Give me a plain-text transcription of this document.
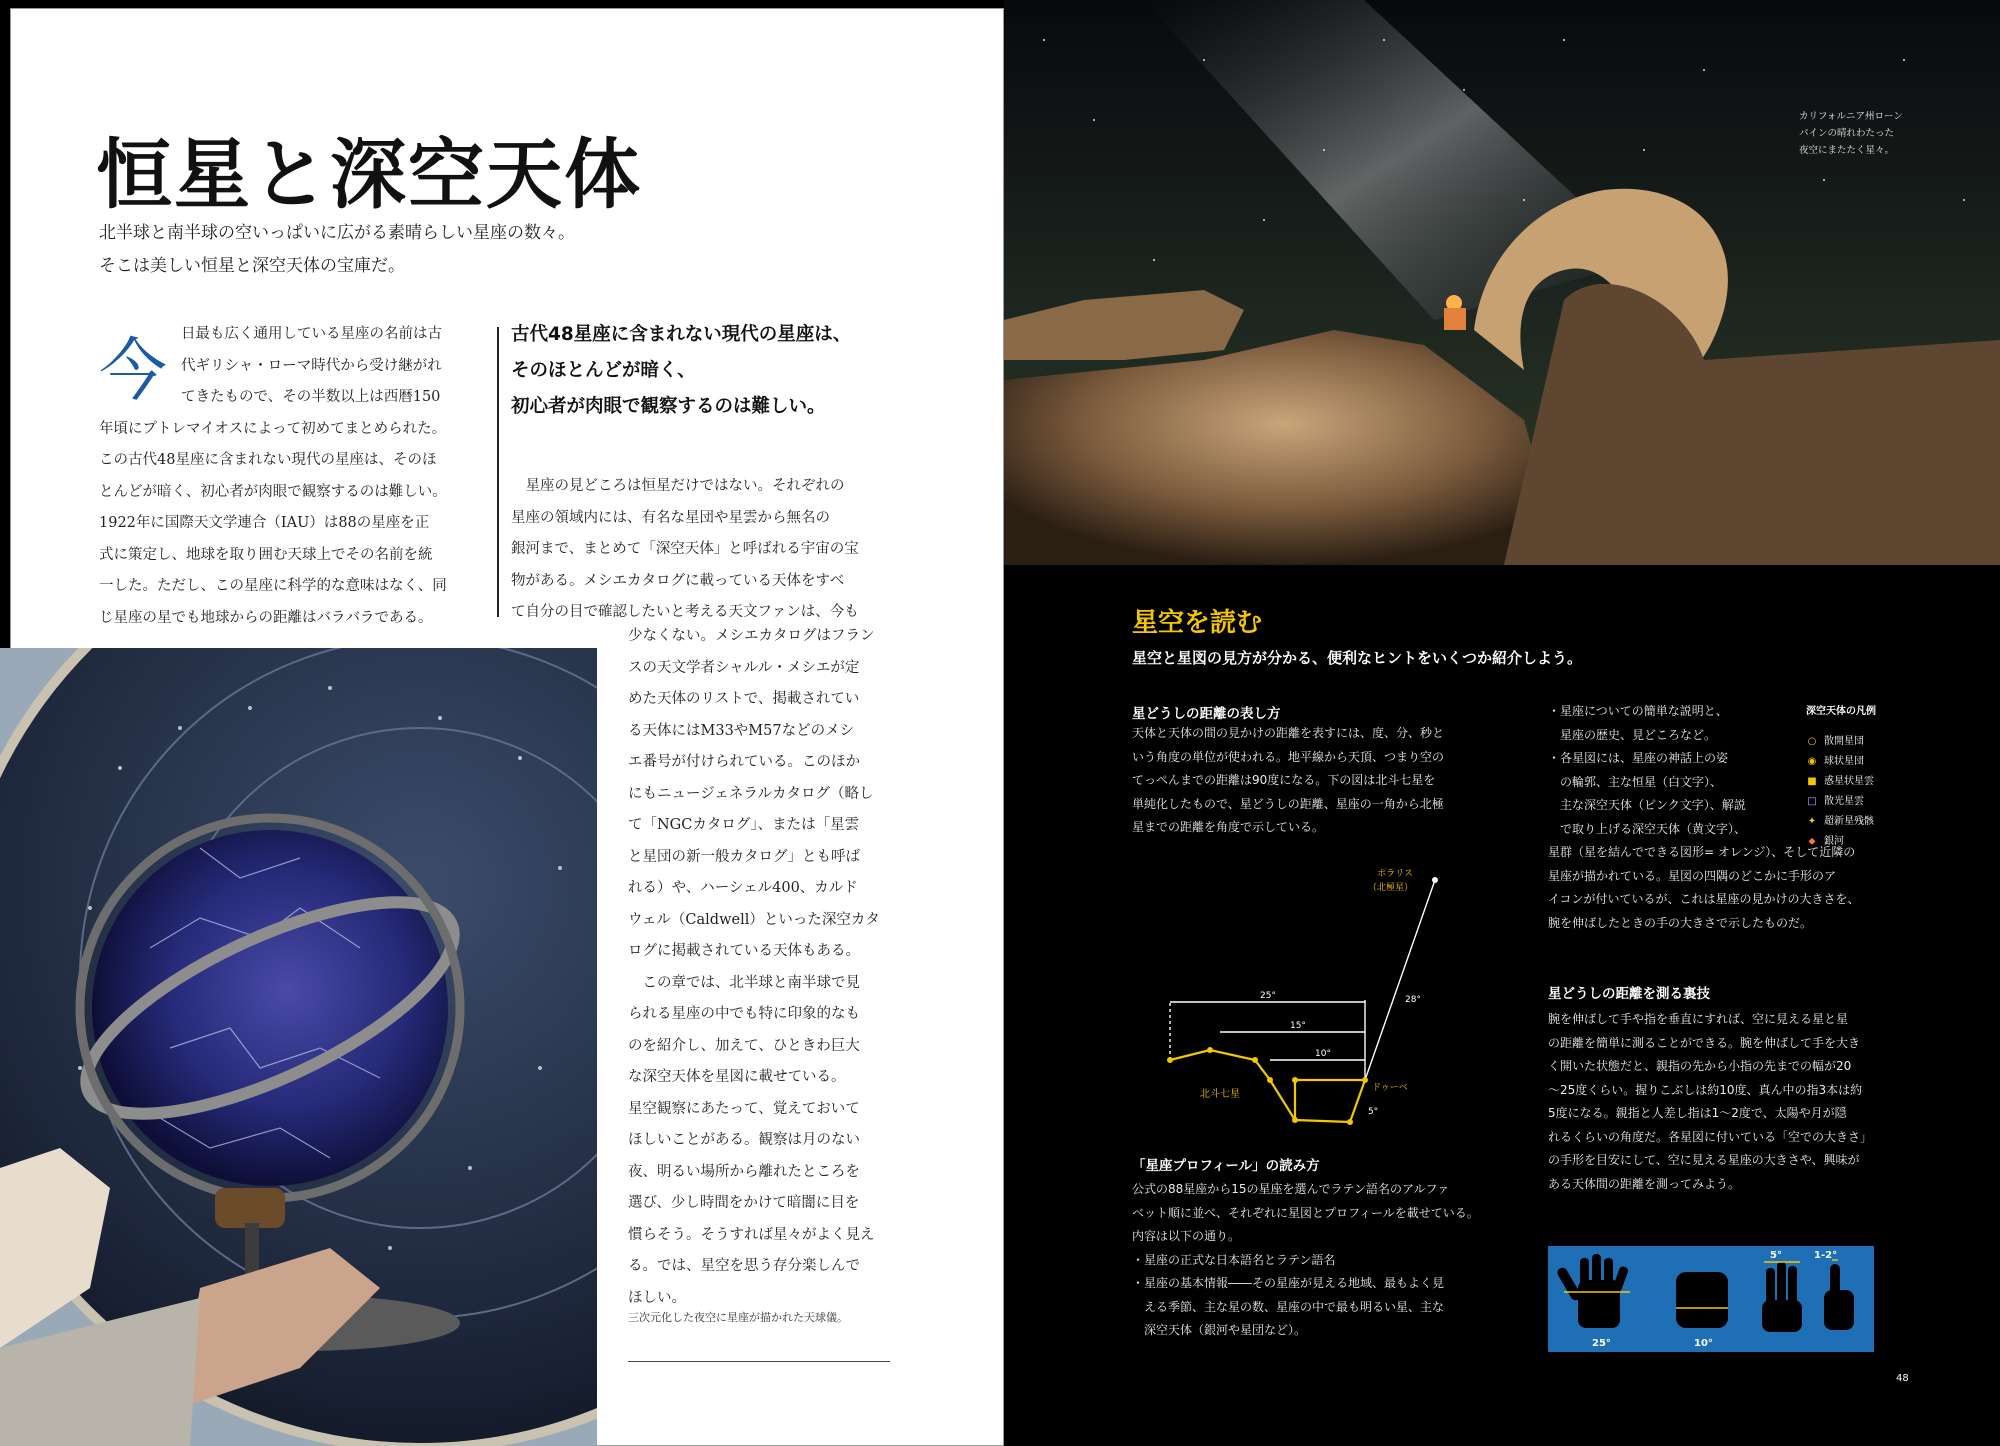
恒星と深空天体
北半球と南半球の空いっぱいに広がる素晴らしい星座の数々。
そこは美しい恒星と深空天体の宝庫だ。
今 日最も広く通用している星座の名前は古
代ギリシャ・ローマ時代から受け継がれ
てきたもので、その半数以上は西暦150
年頃にプトレマイオスによって初めてまとめられた。
この古代48星座に含まれない現代の星座は、そのほ
とんどが暗く、初心者が肉眼で観察するのは難しい。
1922年に国際天文学連合（IAU）は88の星座を正
式に策定し、地球を取り囲む天球上でその名前を統
一した。ただし、この星座に科学的な意味はなく、同
じ星座の星でも地球からの距離はバラバラである。

古代48星座に含まれない現代の星座は、
そのほとんどが暗く、
初心者が肉眼で観察するのは難しい。

　星座の見どころは恒星だけではない。それぞれの
星座の領域内には、有名な星団や星雲から無名の
銀河まで、まとめて「深空天体」と呼ばれる宇宙の宝
物がある。メシエカタログに載っている天体をすべ
て自分の目で確認したいと考える天文ファンは、今も

少なくない。メシエカタログはフラン
スの天文学者シャルル・メシエが定
めた天体のリストで、掲載されてい
る天体にはM33やM57などのメシ
エ番号が付けられている。このほか
にもニュージェネラルカタログ（略し
て「NGCカタログ」、または「星雲
と星団の新一般カタログ」とも呼ば
れる）や、ハーシェル400、カルド
ウェル（Caldwell）といった深空カタ
ログに掲載されている天体もある。
　この章では、北半球と南半球で見
られる星座の中でも特に印象的なも
のを紹介し、加えて、ひときわ巨大
な深空天体を星図に載せている。
星空観察にあたって、覚えておいて
ほしいことがある。観察は月のない
夜、明るい場所から離れたところを
選び、少し時間をかけて暗闇に目を
慣らそう。そうすれば星々がよく見え
る。では、星空を思う存分楽しんで
ほしい。

三次元化した夜空に星座が描かれた天球儀。
カリフォルニア州ローン
パインの晴れわたった
夜空にまたたく星々。
星空を読む
星空と星図の見方が分かる、便利なヒントをいくつか紹介しよう。
星どうしの距離の表し方
天体と天体の間の見かけの距離を表すには、度、分、秒と
いう角度の単位が使われる。地平線から天頂、つまり空の
てっぺんまでの距離は90度になる。下の図は北斗七星を
単純化したもので、星どうしの距離、星座の一角から北極
星までの距離を角度で示している。
ポラリス
（北極星）
北斗七星
ドゥーベ
25°	28°
15°
10°
5°
「星座プロフィール」の読み方
公式の88星座から15の星座を選んでラテン語名のアルファ
ベット順に並べ、それぞれに星図とプロフィールを載せている。
内容は以下の通り。
・星座の正式な日本語名とラテン語名
・星座の基本情報――その星座が見える地域、最もよく見
　える季節、主な星の数、星座の中で最も明るい星、主な
　深空天体（銀河や星団など）。
・星座についての簡単な説明と、
　星座の歴史、見どころなど。
・各星図には、星座の神話上の姿
　の輪郭、主な恒星（白文字）、
　主な深空天体（ピンク文字）、解説
　で取り上げる深空天体（黄文字）、
星群（星を結んでできる図形= オレンジ）、そして近隣の
星座が描かれている。星図の四隅のどこかに手形のア
イコンが付いているが、これは星座の見かけの大きさを、
腕を伸ばしたときの手の大きさで示したものだ。
深空天体の凡例
○ 散開星団
◉ 球状星団
■ 惑星状星雲
□ 散光星雲
✦ 超新星残骸
⬥ 銀河
星どうしの距離を測る裏技
腕を伸ばして手や指を垂直にすれば、空に見える星と星
の距離を簡単に測ることができる。腕を伸ばして手を大き
く開いた状態だと、親指の先から小指の先までの幅が20
～25度くらい。握りこぶしは約10度、真ん中の指3本は約
5度になる。親指と人差し指は1～2度で、太陽や月が隠
れるくらいの角度だ。各星図に付いている「空での大きさ」
の手形を目安にして、空に見える星座の大きさや、興味が
ある天体間の距離を測ってみよう。
25°	10°
5°	1-2°
48
